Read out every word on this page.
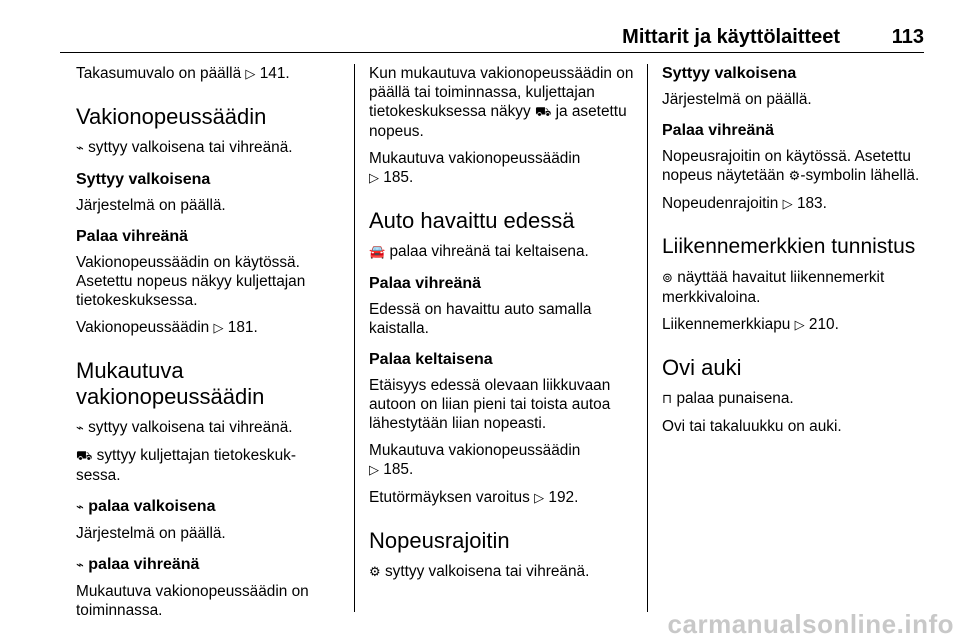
Mittarit ja käyttölaitteet	113

Takasumuvalo on päällä ▷ 141.

Vakionopeussäädin

⌁ syttyy valkoisena tai vihreänä.

Syttyy valkoisena

Järjestelmä on päällä.

Palaa vihreänä

Vakionopeussäädin on käytössä. Asetettu nopeus näkyy kuljettajan tietokeskuksessa.

Vakionopeussäädin ▷ 181.

Mukautuva vakionopeussäädin

⌁ syttyy valkoisena tai vihreänä.

⛟ syttyy kuljettajan tietokeskuk-sessa.

⌁ palaa valkoisena

Järjestelmä on päällä.

⌁ palaa vihreänä

Mukautuva vakionopeussäädin on toiminnassa.

Kun mukautuva vakionopeussäädin on päällä tai toiminnassa, kuljettajan tietokeskuksessa näkyy ⛟ ja asetettu nopeus.

Mukautuva vakionopeussäädin
▷ 185.

Auto havaittu edessä

🚘 palaa vihreänä tai keltaisena.

Palaa vihreänä

Edessä on havaittu auto samalla kaistalla.

Palaa keltaisena

Etäisyys edessä olevaan liikkuvaan autoon on liian pieni tai toista autoa lähestytään liian nopeasti.

Mukautuva vakionopeussäädin
▷ 185.

Etutörmäyksen varoitus ▷ 192.

Nopeusrajoitin

⚙ syttyy valkoisena tai vihreänä.

Syttyy valkoisena

Järjestelmä on päällä.

Palaa vihreänä

Nopeusrajoitin on käytössä. Asetettu nopeus näytetään ⚙-symbolin lähellä.

Nopeudenrajoitin ▷ 183.

Liikennemerkkien tunnistus

⊚ näyttää havaitut liikennemerkit merkkivaloina.

Liikennemerkkiapu ▷ 210.

Ovi auki

⊓ palaa punaisena.

Ovi tai takaluukku on auki.

carmanualsonline.info
